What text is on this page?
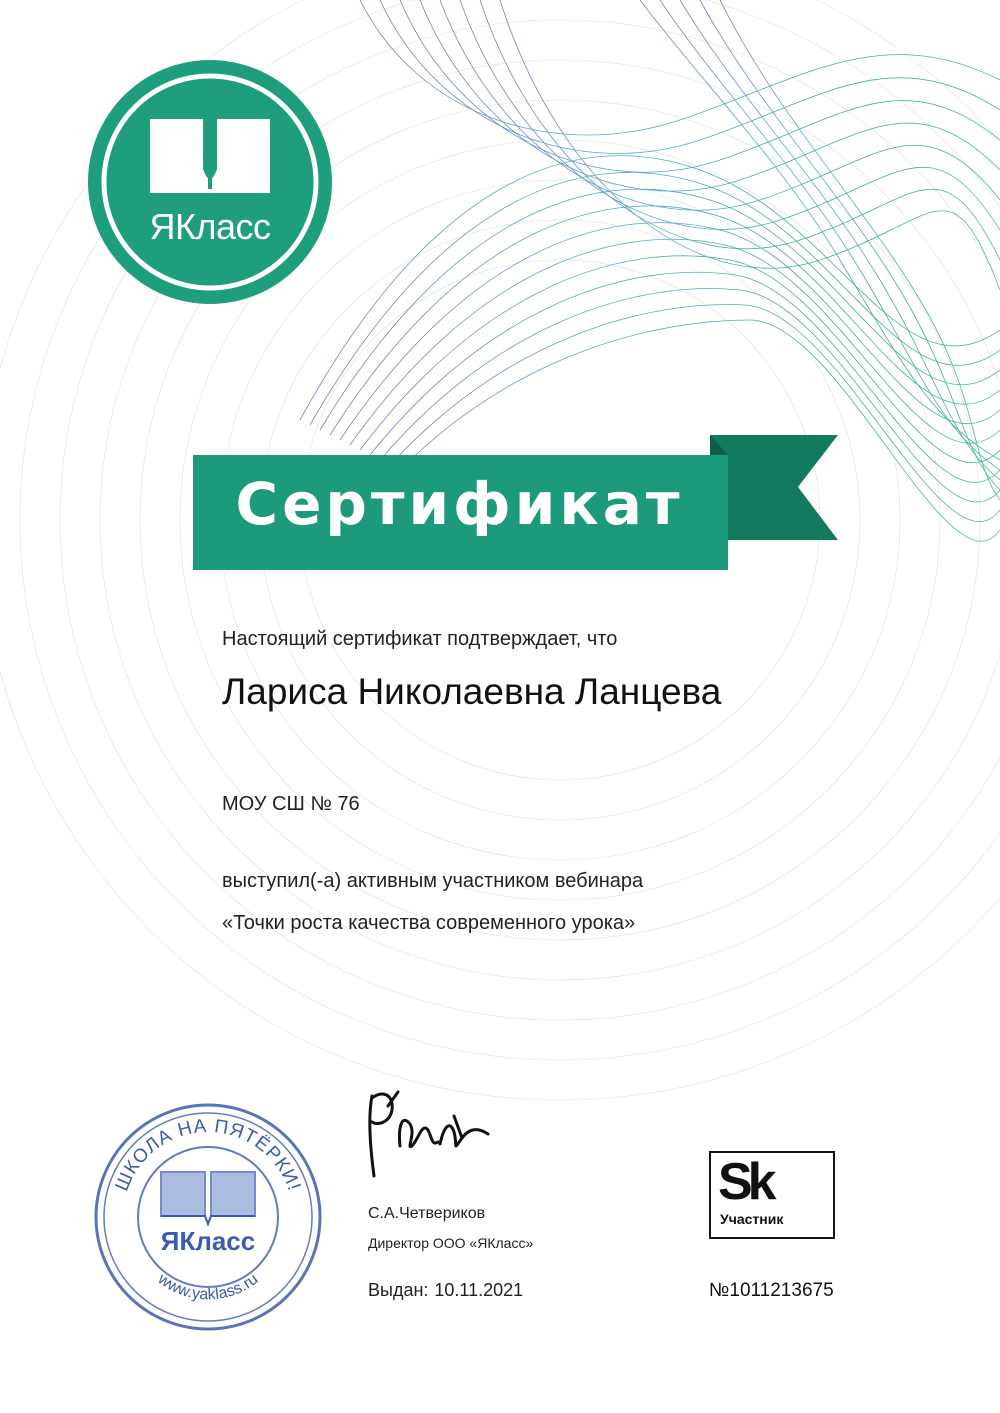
ЯКласс
Сертификат
Настоящий сертификат подтверждает, что
Лариса Николаевна Ланцева
МОУ СШ № 76
выступил(-а) активным участником вебинара
«Точки роста качества современного урока»
ШКОЛА НА ПЯТЁРКИ!
www.yaklass.ru
ЯКласс
С.А.Четвериков
Директор ООО «ЯКласс»
Выдан: 10.11.2021
Sk
Участник
№1011213675
